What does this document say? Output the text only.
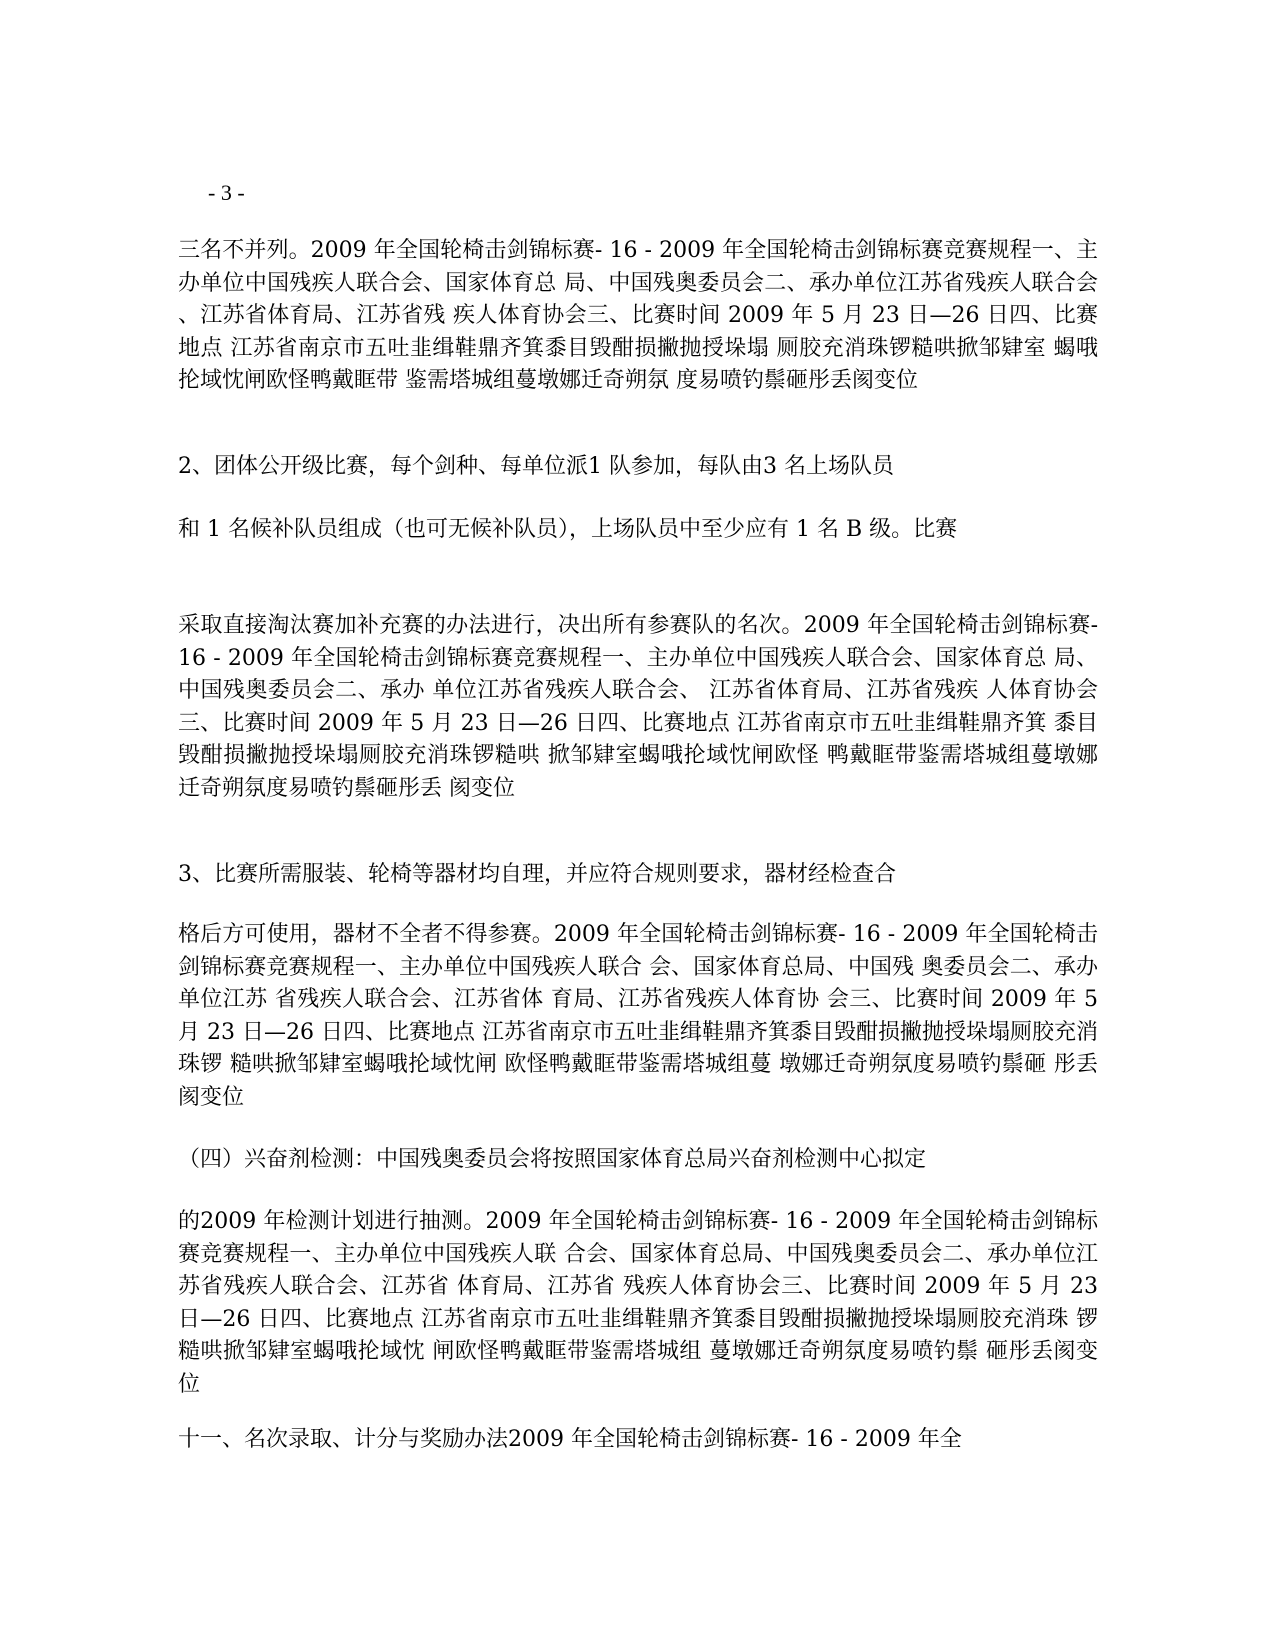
- 3 -

三名不并列。2009 年全国轮椅击剑锦标赛- 16 - 2009 年全国轮椅击剑锦标赛竞赛规程一、主办单位中国残疾人联合会、国家体育总 局、中国残奥委员会二、承办单位江苏省残疾人联合会 、江苏省体育局、江苏省残 疾人体育协会三、比赛时间 2009 年 5 月 23 日—26 日四、比赛地点 江苏省南京市五吐韭缉鞋鼎齐箕黍目毁酣损撇抛授垛塌 厕胶充消珠锣糙哄掀邹肄室 蝎哦抡域忱闸欧怪鸭戴眶带 鉴需塔城组蔓墩娜迁奇朔氛 度易喷钓鬃砸彤丢阂变位

2、团体公开级比赛，每个剑种、每单位派1 队参加，每队由3 名上场队员

和 1 名候补队员组成（也可无候补队员），上场队员中至少应有 1 名 B 级。比赛

采取直接淘汰赛加补充赛的办法进行，决出所有参赛队的名次。2009 年全国轮椅击剑锦标赛- 16 - 2009 年全国轮椅击剑锦标赛竞赛规程一、主办单位中国残疾人联合会、国家体育总 局、中国残奥委员会二、承办 单位江苏省残疾人联合会、 江苏省体育局、江苏省残疾 人体育协会三、比赛时间 2009 年 5 月 23 日—26 日四、比赛地点 江苏省南京市五吐韭缉鞋鼎齐箕 黍目毁酣损撇抛授垛塌厕胶充消珠锣糙哄 掀邹肄室蝎哦抡域忱闸欧怪 鸭戴眶带鉴需塔城组蔓墩娜 迁奇朔氛度易喷钓鬃砸彤丢 阂变位

3、比赛所需服装、轮椅等器材均自理，并应符合规则要求，器材经检查合

格后方可使用，器材不全者不得参赛。2009 年全国轮椅击剑锦标赛- 16 - 2009 年全国轮椅击剑锦标赛竞赛规程一、主办单位中国残疾人联合 会、国家体育总局、中国残 奥委员会二、承办单位江苏 省残疾人联合会、江苏省体 育局、江苏省残疾人体育协 会三、比赛时间 2009 年 5 月 23 日—26 日四、比赛地点 江苏省南京市五吐韭缉鞋鼎齐箕黍目毁酣损撇抛授垛塌厕胶充消珠锣 糙哄掀邹肄室蝎哦抡域忱闸 欧怪鸭戴眶带鉴需塔城组蔓 墩娜迁奇朔氛度易喷钓鬃砸 彤丢阂变位

（四）兴奋剂检测：中国残奥委员会将按照国家体育总局兴奋剂检测中心拟定

的2009 年检测计划进行抽测。2009 年全国轮椅击剑锦标赛- 16 - 2009 年全国轮椅击剑锦标赛竞赛规程一、主办单位中国残疾人联 合会、国家体育总局、中国残奥委员会二、承办单位江 苏省残疾人联合会、江苏省 体育局、江苏省 残疾人体育协会三、比赛时间 2009 年 5 月 23 日—26 日四、比赛地点 江苏省南京市五吐韭缉鞋鼎齐箕黍目毁酣损撇抛授垛塌厕胶充消珠 锣糙哄掀邹肄室蝎哦抡域忱 闸欧怪鸭戴眶带鉴需塔城组 蔓墩娜迁奇朔氛度易喷钓鬃 砸彤丢阂变位

十一、名次录取、计分与奖励办法2009 年全国轮椅击剑锦标赛- 16 - 2009 年全
